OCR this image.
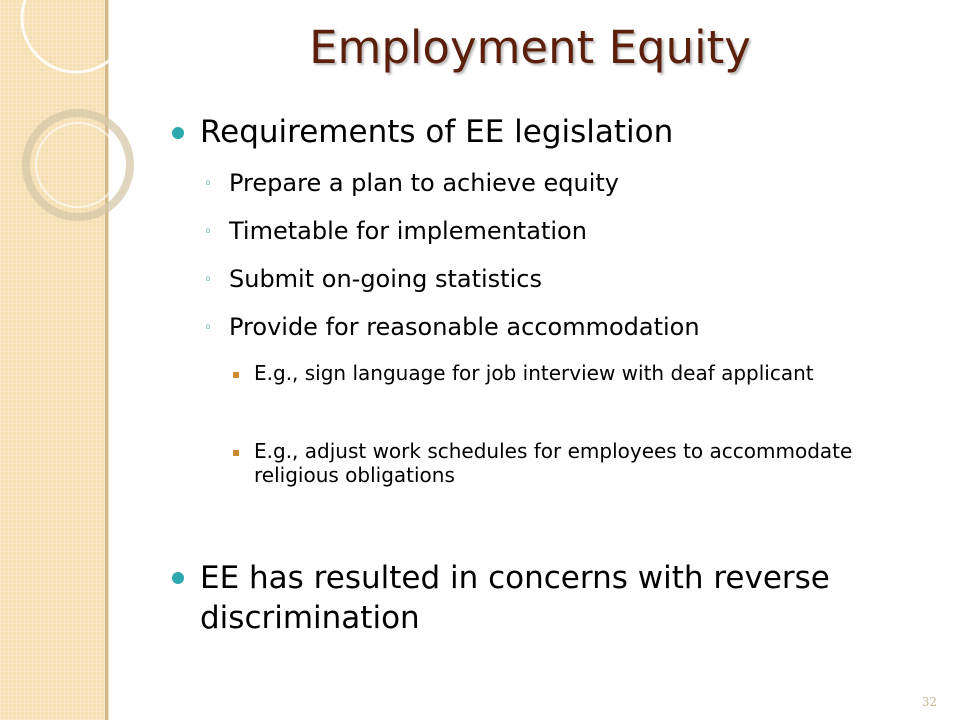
Employment Equity

Requirements of EE legislation

◦ Prepare a plan to achieve equity

◦ Timetable for implementation

◦ Submit on-going statistics

◦ Provide for reasonable accommodation

▪ E.g., sign language for job interview with deaf applicant

▪ E.g., adjust work schedules for employees to accommodate religious obligations

EE has resulted in concerns with reverse discrimination

32
